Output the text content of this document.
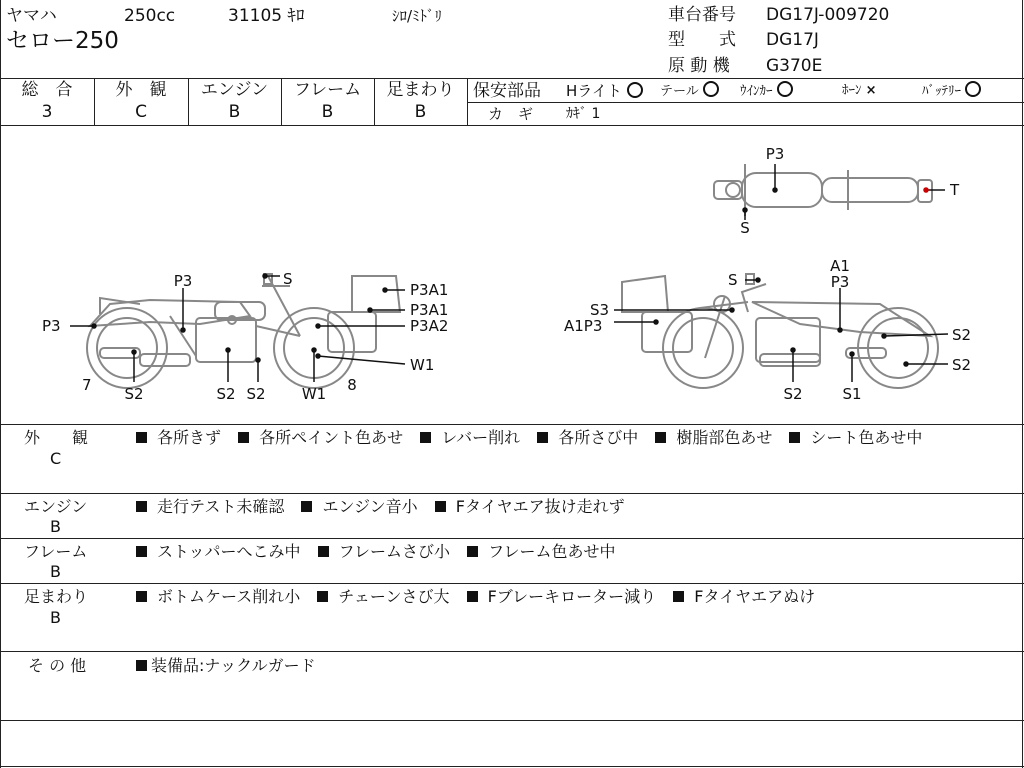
ヤマハ	250cc	31105 ｷﾛ	ｼﾛ/ﾐﾄﾞﾘ
セロー250
車台番号 DG17J-009720
型　　式 DG17J
原 動 機 G370E
総　合
3
外　観
C
エンジン
B
フレーム
B
足まわり
B
保安部品 Hライト	テール	ｳｲﾝｶｰ	ﾎｰﾝ ×	ﾊﾞｯﾃﾘｰ
カ　ギ ｶｷﾞ 1
P3
T
S
P3	S
P3A1
P3A1
P3A2
P3
W1
7 S2	S2 S2 W1 8
A1
P3
S
S3
A1P3	S2
S2
S2	S1
外　　観
C
各所きず 各所ペイント色あせ レバー削れ 各所さび中 樹脂部色あせ シート色あせ中
エンジン
B
走行テスト未確認 エンジン音小 Fタイヤエア抜け走れず
フレーム
B
ストッパーへこみ中 フレームさび小 フレーム色あせ中
足まわり
B
ボトムケース削れ小 チェーンさび大 Fブレーキローター減り Fタイヤエアぬけ
そ の 他	装備品:ナックルガード
